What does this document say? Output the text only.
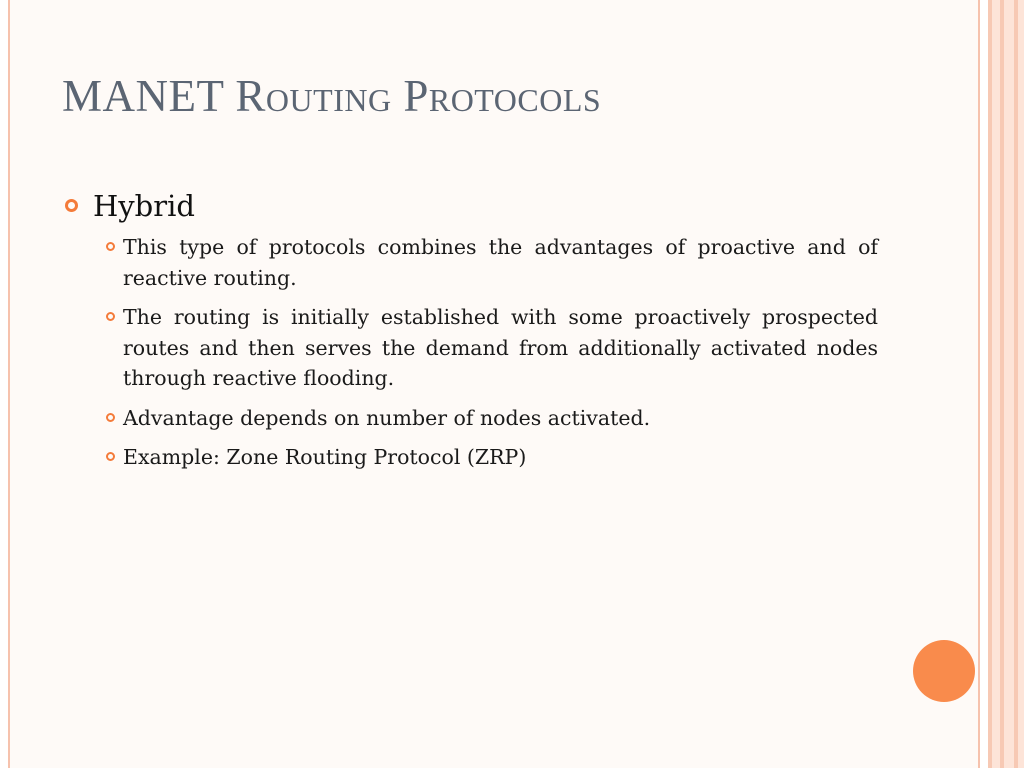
MANET Routing Protocols
Hybrid
This type of protocols combines the advantages of proactive and of reactive routing.
The routing is initially established with some proactively prospected routes and then serves the demand from additionally activated nodes through reactive flooding.
Advantage depends on number of nodes activated.
Example: Zone Routing Protocol (ZRP)
